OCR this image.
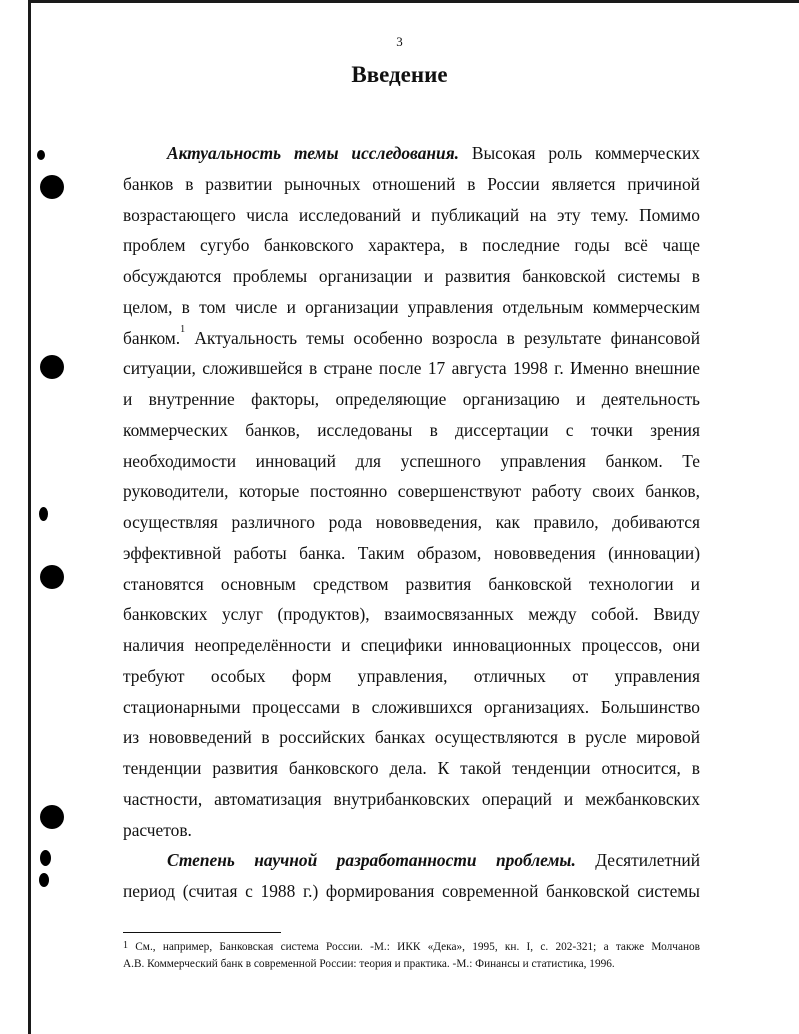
3
Введение
Актуальность темы исследования. Высокая роль коммерческих
банков в развитии рыночных отношений в России является причиной
возрастающего числа исследований и публикаций на эту тему. Помимо
проблем сугубо банковского характера, в последние годы всё чаще
обсуждаются проблемы организации и развития банковской системы в
целом, в том числе и организации управления отдельным коммерческим
банком.$^1$ Актуальность темы особенно возросла в результате финансовой
ситуации, сложившейся в стране после 17 августа 1998 г. Именно внешние
и внутренние факторы, определяющие организацию и деятельность
коммерческих банков, исследованы в диссертации с точки зрения
необходимости инноваций для успешного управления банком. Те
руководители, которые постоянно совершенствуют работу своих банков,
осуществляя различного рода нововведения, как правило, добиваются
эффективной работы банка. Таким образом, нововведения (инновации)
становятся основным средством развития банковской технологии и
банковских услуг (продуктов), взаимосвязанных между собой. Ввиду
наличия неопределённости и специфики инновационных процессов, они
требуют особых форм управления, отличных от управления
стационарными процессами в сложившихся организациях. Большинство
из нововведений в российских банках осуществляются в русле мировой
тенденции развития банковского дела. К такой тенденции относится, в
частности, автоматизация внутрибанковских операций и межбанковских
расчетов.
Степень научной разработанности проблемы. Десятилетний
период (считая с 1988 г.) формирования современной банковской системы
$^1$ См., например, Банковская система России. -М.: ИКК «Дека», 1995, кн. I, с. 202-321; а также Молчанов
А.В. Коммерческий банк в современной России: теория и практика. -М.: Финансы и статистика, 1996.
